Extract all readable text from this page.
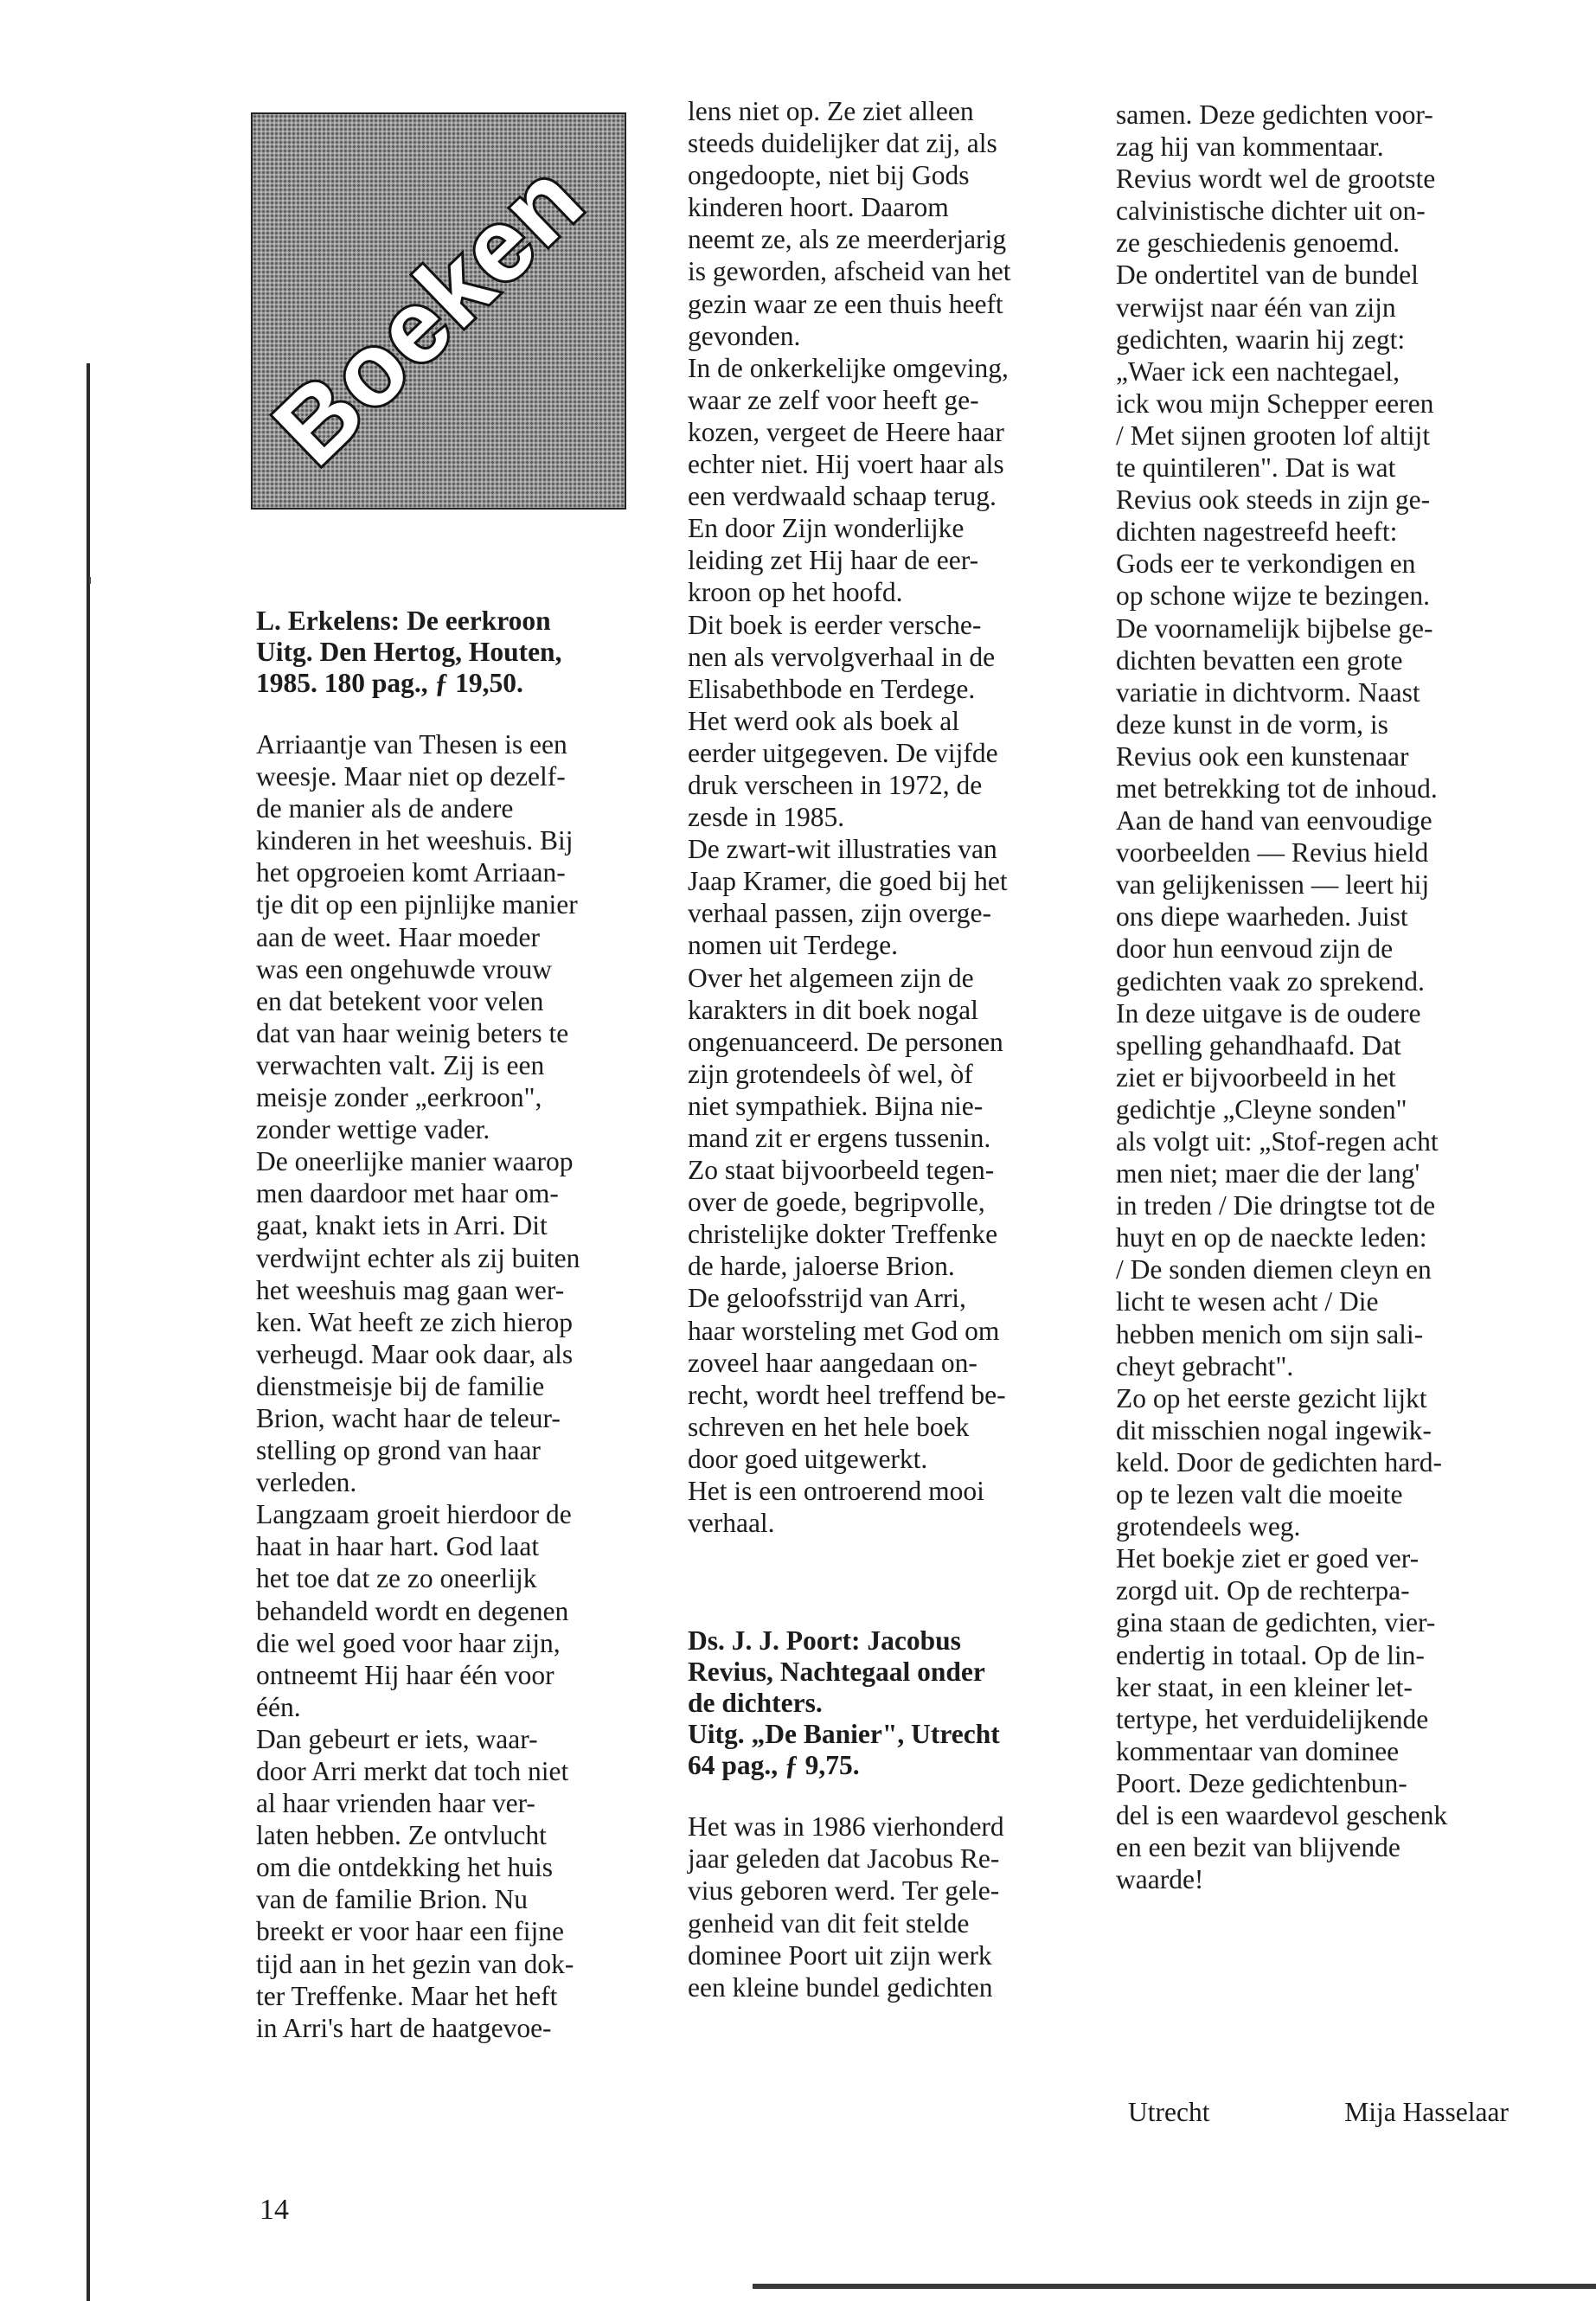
Boeken
L. Erkelens: De eerkroon
Uitg. Den Hertog, Houten,
1985. 180 pag., ƒ 19,50.

Arriaantje van Thesen is een
weesje. Maar niet op dezelf-
de manier als de andere
kinderen in het weeshuis. Bij
het opgroeien komt Arriaan-
tje dit op een pijnlijke manier
aan de weet. Haar moeder
was een ongehuwde vrouw
en dat betekent voor velen
dat van haar weinig beters te
verwachten valt. Zij is een
meisje zonder „eerkroon",
zonder wettige vader.

De oneerlijke manier waarop
men daardoor met haar om-
gaat, knakt iets in Arri. Dit
verdwijnt echter als zij buiten
het weeshuis mag gaan wer-
ken. Wat heeft ze zich hierop
verheugd. Maar ook daar, als
dienstmeisje bij de familie
Brion, wacht haar de teleur-
stelling op grond van haar
verleden.

Langzaam groeit hierdoor de
haat in haar hart. God laat
het toe dat ze zo oneerlijk
behandeld wordt en degenen
die wel goed voor haar zijn,
ontneemt Hij haar één voor
één.

Dan gebeurt er iets, waar-
door Arri merkt dat toch niet
al haar vrienden haar ver-
laten hebben. Ze ontvlucht
om die ontdekking het huis
van de familie Brion. Nu
breekt er voor haar een fijne
tijd aan in het gezin van dok-
ter Treffenke. Maar het heft
in Arri's hart de haatgevoe-

lens niet op. Ze ziet alleen
steeds duidelijker dat zij, als
ongedoopte, niet bij Gods
kinderen hoort. Daarom
neemt ze, als ze meerderjarig
is geworden, afscheid van het
gezin waar ze een thuis heeft
gevonden.

In de onkerkelijke omgeving,
waar ze zelf voor heeft ge-
kozen, vergeet de Heere haar
echter niet. Hij voert haar als
een verdwaald schaap terug.
En door Zijn wonderlijke
leiding zet Hij haar de eer-
kroon op het hoofd.

Dit boek is eerder versche-
nen als vervolgverhaal in de
Elisabethbode en Terdege.
Het werd ook als boek al
eerder uitgegeven. De vijfde
druk verscheen in 1972, de
zesde in 1985.

De zwart-wit illustraties van
Jaap Kramer, die goed bij het
verhaal passen, zijn overge-
nomen uit Terdege.

Over het algemeen zijn de
karakters in dit boek nogal
ongenuanceerd. De personen
zijn grotendeels òf wel, òf
niet sympathiek. Bijna nie-
mand zit er ergens tussenin.
Zo staat bijvoorbeeld tegen-
over de goede, begripvolle,
christelijke dokter Treffenke
de harde, jaloerse Brion.

De geloofsstrijd van Arri,
haar worsteling met God om
zoveel haar aangedaan on-
recht, wordt heel treffend be-
schreven en het hele boek
door goed uitgewerkt.

Het is een ontroerend mooi
verhaal.

Ds. J. J. Poort: Jacobus
Revius, Nachtegaal onder
de dichters.
Uitg. „De Banier", Utrecht
64 pag., ƒ 9,75.

Het was in 1986 vierhonderd
jaar geleden dat Jacobus Re-
vius geboren werd. Ter gele-
genheid van dit feit stelde
dominee Poort uit zijn werk
een kleine bundel gedichten

samen. Deze gedichten voor-
zag hij van kommentaar.
Revius wordt wel de grootste
calvinistische dichter uit on-
ze geschiedenis genoemd.
De ondertitel van de bundel
verwijst naar één van zijn
gedichten, waarin hij zegt:
„Waer ick een nachtegael,
ick wou mijn Schepper eeren
/ Met sijnen grooten lof altijt
te quintileren". Dat is wat
Revius ook steeds in zijn ge-
dichten nagestreefd heeft:
Gods eer te verkondigen en
op schone wijze te bezingen.

De voornamelijk bijbelse ge-
dichten bevatten een grote
variatie in dichtvorm. Naast
deze kunst in de vorm, is
Revius ook een kunstenaar
met betrekking tot de inhoud.
Aan de hand van eenvoudige
voorbeelden — Revius hield
van gelijkenissen — leert hij
ons diepe waarheden. Juist
door hun eenvoud zijn de
gedichten vaak zo sprekend.
In deze uitgave is de oudere
spelling gehandhaafd. Dat
ziet er bijvoorbeeld in het
gedichtje „Cleyne sonden"
als volgt uit: „Stof-regen acht
men niet; maer die der lang'
in treden / Die dringtse tot de
huyt en op de naeckte leden:
/ De sonden diemen cleyn en
licht te wesen acht / Die
hebben menich om sijn sali-
cheyt gebracht".

Zo op het eerste gezicht lijkt
dit misschien nogal ingewik-
keld. Door de gedichten hard-
op te lezen valt die moeite
grotendeels weg.

Het boekje ziet er goed ver-
zorgd uit. Op de rechterpa-
gina staan de gedichten, vier-
endertig in totaal. Op de lin-
ker staat, in een kleiner let-
tertype, het verduidelijkende
kommentaar van dominee
Poort. Deze gedichtenbun-
del is een waardevol geschenk
en een bezit van blijvende
waarde!

Utrecht	Mija Hasselaar
14
